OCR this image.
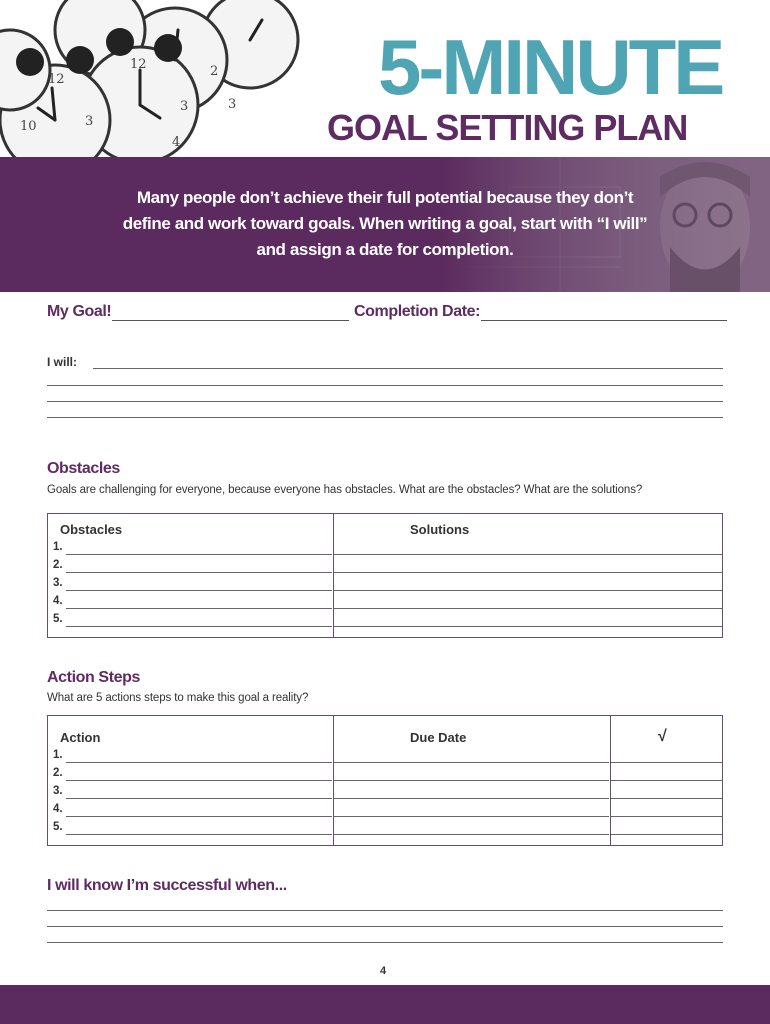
12
3
10
12
3
4
2
3 5-MINUTE
GOAL SETTING PLAN
Many people don’t achieve their full potential because they don’t
define and work toward goals. When writing a goal, start with “I will”
and assign a date for completion.
My Goal!	Completion Date:
I will:
Obstacles
Goals are challenging for everyone, because everyone has obstacles. What are the obstacles? What are the solutions?
Obstacles	Solutions
1.
2.
3.
4.
5.
Action Steps
What are 5 actions steps to make this goal a reality?
Action	Due Date	√
1.
2.
3.
4.
5.
I will know I’m successful when...
4
